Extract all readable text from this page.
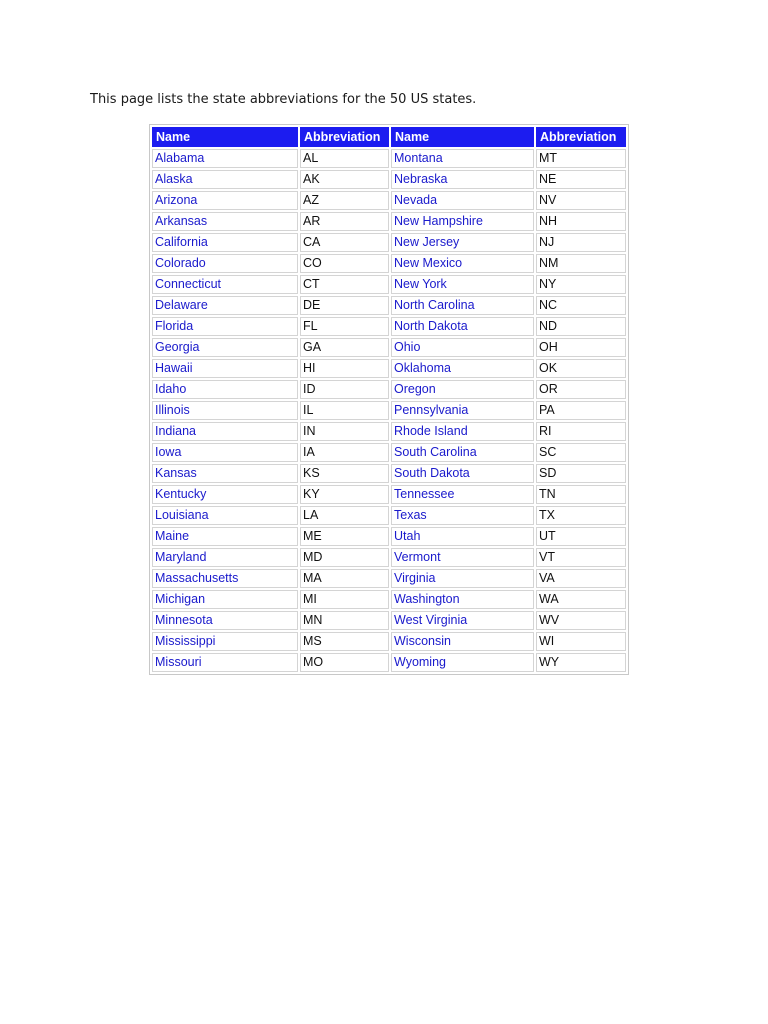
This page lists the state abbreviations for the 50 US states.

Name	Abbreviation	Name	Abbreviation
Alabama	AL	Montana	MT
Alaska	AK	Nebraska	NE
Arizona	AZ	Nevada	NV
Arkansas	AR	New Hampshire	NH
California	CA	New Jersey	NJ
Colorado	CO	New Mexico	NM
Connecticut	CT	New York	NY
Delaware	DE	North Carolina	NC
Florida	FL	North Dakota	ND
Georgia	GA	Ohio	OH
Hawaii	HI	Oklahoma	OK
Idaho	ID	Oregon	OR
Illinois	IL	Pennsylvania	PA
Indiana	IN	Rhode Island	RI
Iowa	IA	South Carolina	SC
Kansas	KS	South Dakota	SD
Kentucky	KY	Tennessee	TN
Louisiana	LA	Texas	TX
Maine	ME	Utah	UT
Maryland	MD	Vermont	VT
Massachusetts	MA	Virginia	VA
Michigan	MI	Washington	WA
Minnesota	MN	West Virginia	WV
Mississippi	MS	Wisconsin	WI
Missouri	MO	Wyoming	WY
